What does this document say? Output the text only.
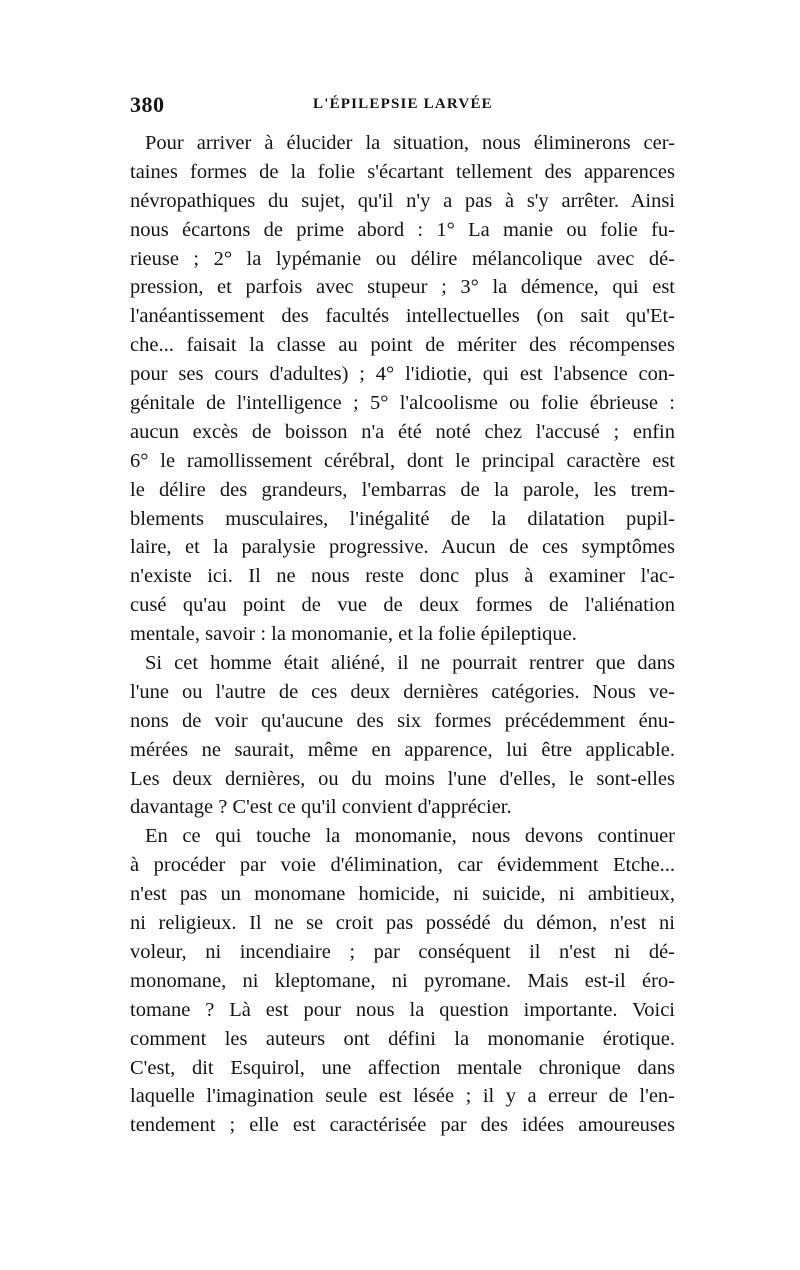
380	L'ÉPILEPSIE LARVÉE
Pour arriver à élucider la situation, nous éliminerons cer-
taines formes de la folie s'écartant tellement des apparences
névropathiques du sujet, qu'il n'y a pas à s'y arrêter. Ainsi
nous écartons de prime abord : 1° La manie ou folie fu-
rieuse ; 2° la lypémanie ou délire mélancolique avec dé-
pression, et parfois avec stupeur ; 3° la démence, qui est
l'anéantissement des facultés intellectuelles (on sait qu'Et-
che... faisait la classe au point de mériter des récompenses
pour ses cours d'adultes) ; 4° l'idiotie, qui est l'absence con-
génitale de l'intelligence ; 5° l'alcoolisme ou folie ébrieuse :
aucun excès de boisson n'a été noté chez l'accusé ; enfin
6° le ramollissement cérébral, dont le principal caractère est
le délire des grandeurs, l'embarras de la parole, les trem-
blements musculaires, l'inégalité de la dilatation pupil-
laire, et la paralysie progressive. Aucun de ces symptômes
n'existe ici. Il ne nous reste donc plus à examiner l'ac-
cusé qu'au point de vue de deux formes de l'aliénation
mentale, savoir : la monomanie, et la folie épileptique.
Si cet homme était aliéné, il ne pourrait rentrer que dans
l'une ou l'autre de ces deux dernières catégories. Nous ve-
nons de voir qu'aucune des six formes précédemment énu-
mérées ne saurait, même en apparence, lui être applicable.
Les deux dernières, ou du moins l'une d'elles, le sont-elles
davantage ? C'est ce qu'il convient d'apprécier.
En ce qui touche la monomanie, nous devons continuer
à procéder par voie d'élimination, car évidemment Etche...
n'est pas un monomane homicide, ni suicide, ni ambitieux,
ni religieux. Il ne se croit pas possédé du démon, n'est ni
voleur, ni incendiaire ; par conséquent il n'est ni dé-
monomane, ni kleptomane, ni pyromane. Mais est-il éro-
tomane ? Là est pour nous la question importante. Voici
comment les auteurs ont défini la monomanie érotique.
C'est, dit Esquirol, une affection mentale chronique dans
laquelle l'imagination seule est lésée ; il y a erreur de l'en-
tendement ; elle est caractérisée par des idées amoureuses
